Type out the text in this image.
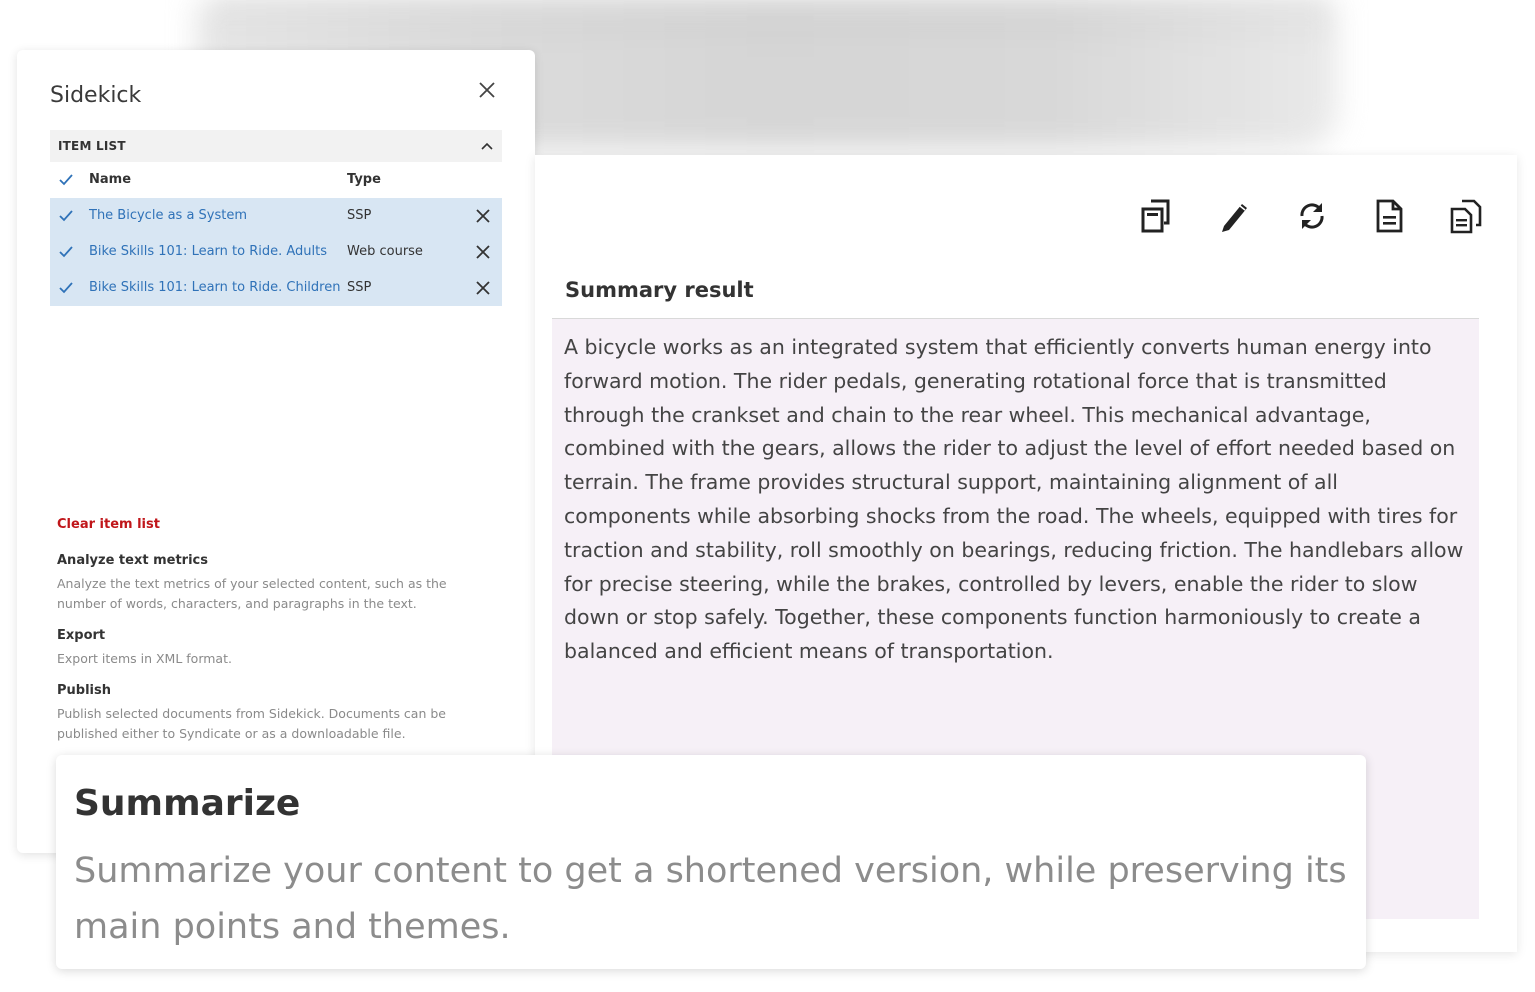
Sidekick
ITEM LIST
Name	Type
The Bicycle as a System	SSP
Bike Skills 101: Learn to Ride. Adults Web course
Bike Skills 101: Learn to Ride. Children SSP
Clear item list
Analyze text metrics
Analyze the text metrics of your selected content, such as the number of words, characters, and paragraphs in the text.
Export
Export items in XML format.
Publish
Publish selected documents from Sidekick. Documents can be published either to Syndicate or as a downloadable file.
Summary result
A bicycle works as an integrated system that efficiently converts human energy into forward motion. The rider pedals, generating rotational force that is transmitted through the crankset and chain to the rear wheel. This mechanical advantage, combined with the gears, allows the rider to adjust the level of effort needed based on terrain. The frame provides structural support, maintaining alignment of all components while absorbing shocks from the road. The wheels, equipped with tires for traction and stability, roll smoothly on bearings, reducing friction. The handlebars allow for precise steering, while the brakes, controlled by levers, enable the rider to slow down or stop safely. Together, these components function harmoniously to create a balanced and efficient means of transportation.
Summarize
Summarize your content to get a shortened version, while preserving its main points and themes.
